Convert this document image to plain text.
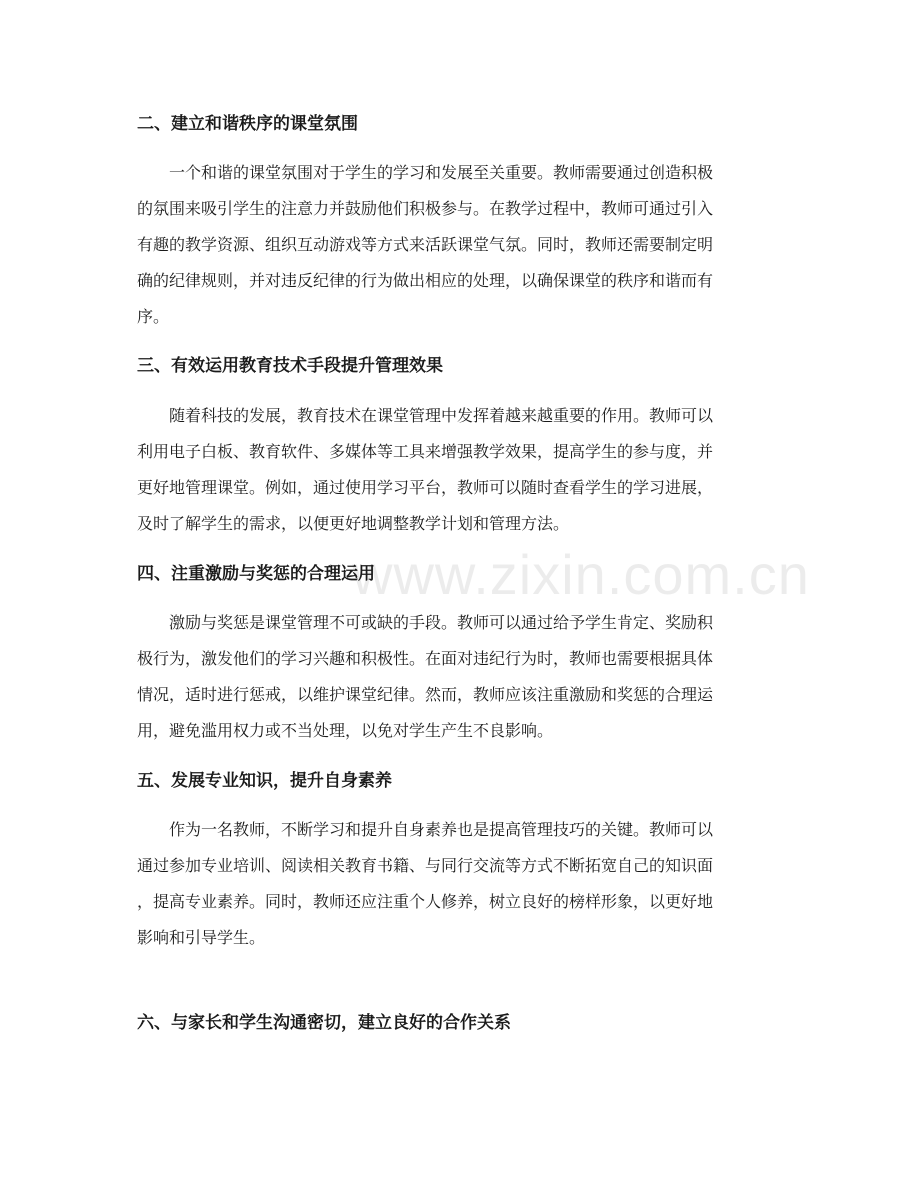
www.zixin.com.cn
二、建立和谐秩序的课堂氛围
一个和谐的课堂氛围对于学生的学习和发展至关重要。教师需要通过创造积极
的氛围来吸引学生的注意力并鼓励他们积极参与。在教学过程中，教师可通过引入
有趣的教学资源、组织互动游戏等方式来活跃课堂气氛。同时，教师还需要制定明
确的纪律规则，并对违反纪律的行为做出相应的处理，以确保课堂的秩序和谐而有
序。
三、有效运用教育技术手段提升管理效果
随着科技的发展，教育技术在课堂管理中发挥着越来越重要的作用。教师可以
利用电子白板、教育软件、多媒体等工具来增强教学效果，提高学生的参与度，并
更好地管理课堂。例如，通过使用学习平台，教师可以随时查看学生的学习进展，
及时了解学生的需求，以便更好地调整教学计划和管理方法。
四、注重激励与奖惩的合理运用
激励与奖惩是课堂管理不可或缺的手段。教师可以通过给予学生肯定、奖励积
极行为，激发他们的学习兴趣和积极性。在面对违纪行为时，教师也需要根据具体
情况，适时进行惩戒，以维护课堂纪律。然而，教师应该注重激励和奖惩的合理运
用，避免滥用权力或不当处理，以免对学生产生不良影响。
五、发展专业知识，提升自身素养
作为一名教师，不断学习和提升自身素养也是提高管理技巧的关键。教师可以
通过参加专业培训、阅读相关教育书籍、与同行交流等方式不断拓宽自己的知识面
，提高专业素养。同时，教师还应注重个人修养，树立良好的榜样形象，以更好地
影响和引导学生。
六、与家长和学生沟通密切，建立良好的合作关系
